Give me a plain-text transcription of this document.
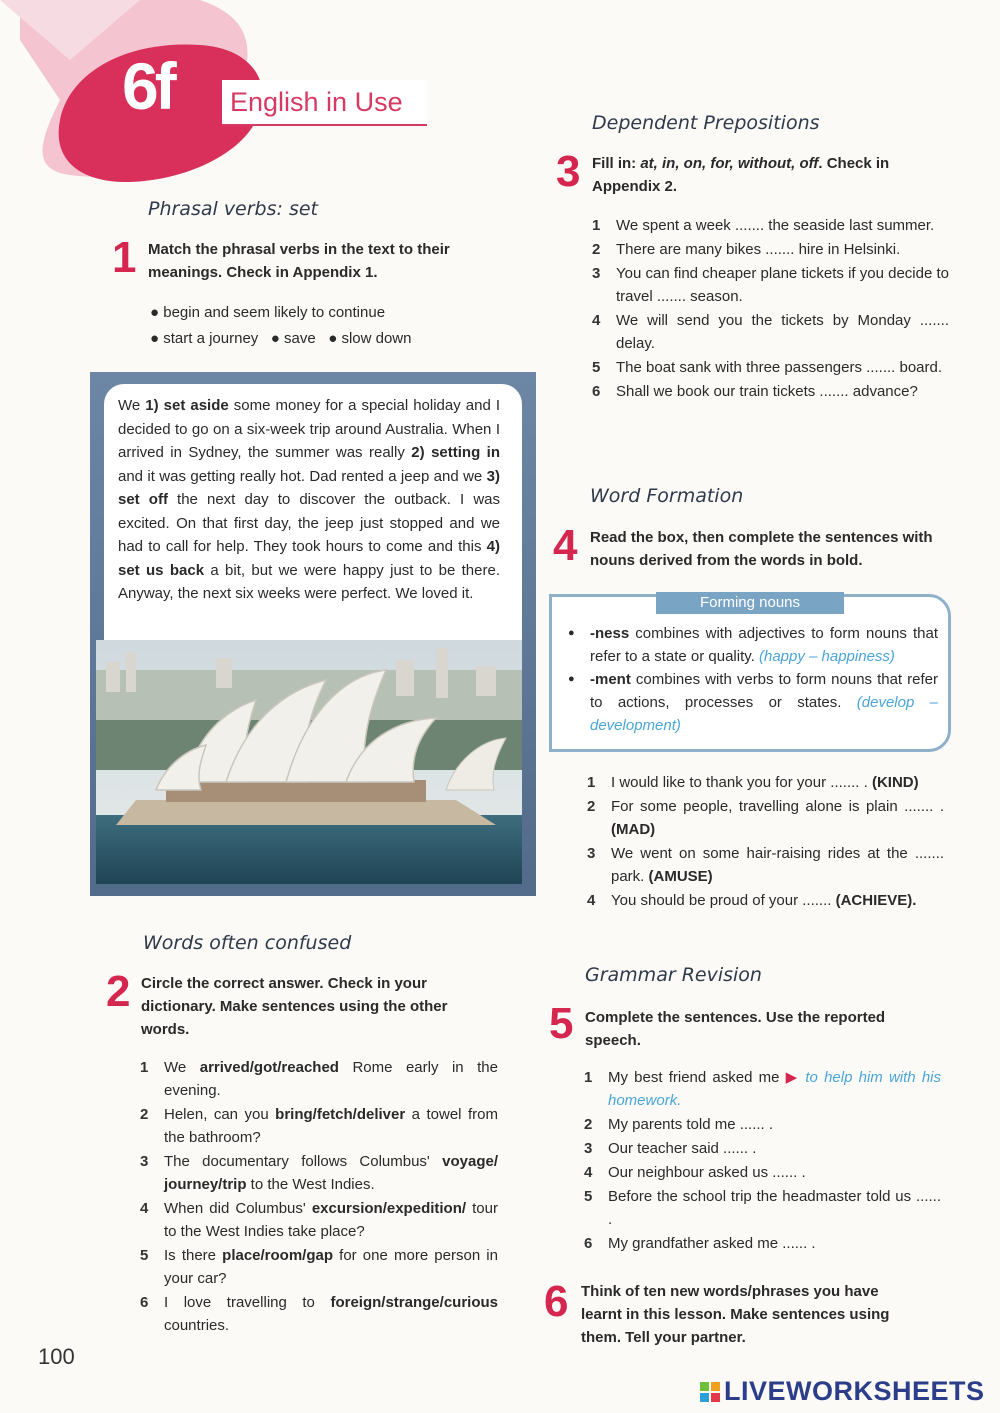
6f English in Use
Phrasal verbs: set
1 Match the phrasal verbs in the text to their meanings. Check in Appendix 1.
● begin and seem likely to continue
● start a journey   ● save   ● slow down
We 1) set aside some money for a special holiday and I decided to go on a six-week trip around Australia. When I arrived in Sydney, the summer was really 2) setting in and it was getting really hot. Dad rented a jeep and we 3) set off the next day to discover the outback. I was excited. On that first day, the jeep just stopped and we had to call for help. They took hours to come and this 4) set us back a bit, but we were happy just to be there. Anyway, the next six weeks were perfect. We loved it.
Words often confused
2 Circle the correct answer. Check in your dictionary. Make sentences using the other words.
1 We arrived/got/reached Rome early in the evening.
2 Helen, can you bring/fetch/deliver a towel from the bathroom?
3 The documentary follows Columbus' voyage/ journey/trip to the West Indies.
4 When did Columbus' excursion/expedition/ tour to the West Indies take place?
5 Is there place/room/gap for one more person in your car?
6 I love travelling to foreign/strange/curious countries.
Dependent Prepositions
3 Fill in: at, in, on, for, without, off. Check in Appendix 2.
1 We spent a week ....... the seaside last summer.
2 There are many bikes ....... hire in Helsinki.
3 You can find cheaper plane tickets if you decide to travel ....... season.
4 We will send you the tickets by Monday ....... delay.
5 The boat sank with three passengers ....... board.
6 Shall we book our train tickets ....... advance?
Word Formation
4 Read the box, then complete the sentences with nouns derived from the words in bold.
Forming nouns
● -ness combines with adjectives to form nouns that refer to a state or quality. (happy – happiness)
● -ment combines with verbs to form nouns that refer to actions, processes or states. (develop – development)
1 I would like to thank you for your ....... . (KIND)
2 For some people, travelling alone is plain ....... . (MAD)
3 We went on some hair-raising rides at the ....... park. (AMUSE)
4 You should be proud of your ....... (ACHIEVE).
Grammar Revision
5 Complete the sentences. Use the reported speech.
1 My best friend asked me ▶ to help him with his homework.
2 My parents told me ...... .
3 Our teacher said ...... .
4 Our neighbour asked us ...... .
5 Before the school trip the headmaster told us ...... .
6 My grandfather asked me ...... .
6 Think of ten new words/phrases you have learnt in this lesson. Make sentences using them. Tell your partner.
100
LIVEWORKSHEETS
